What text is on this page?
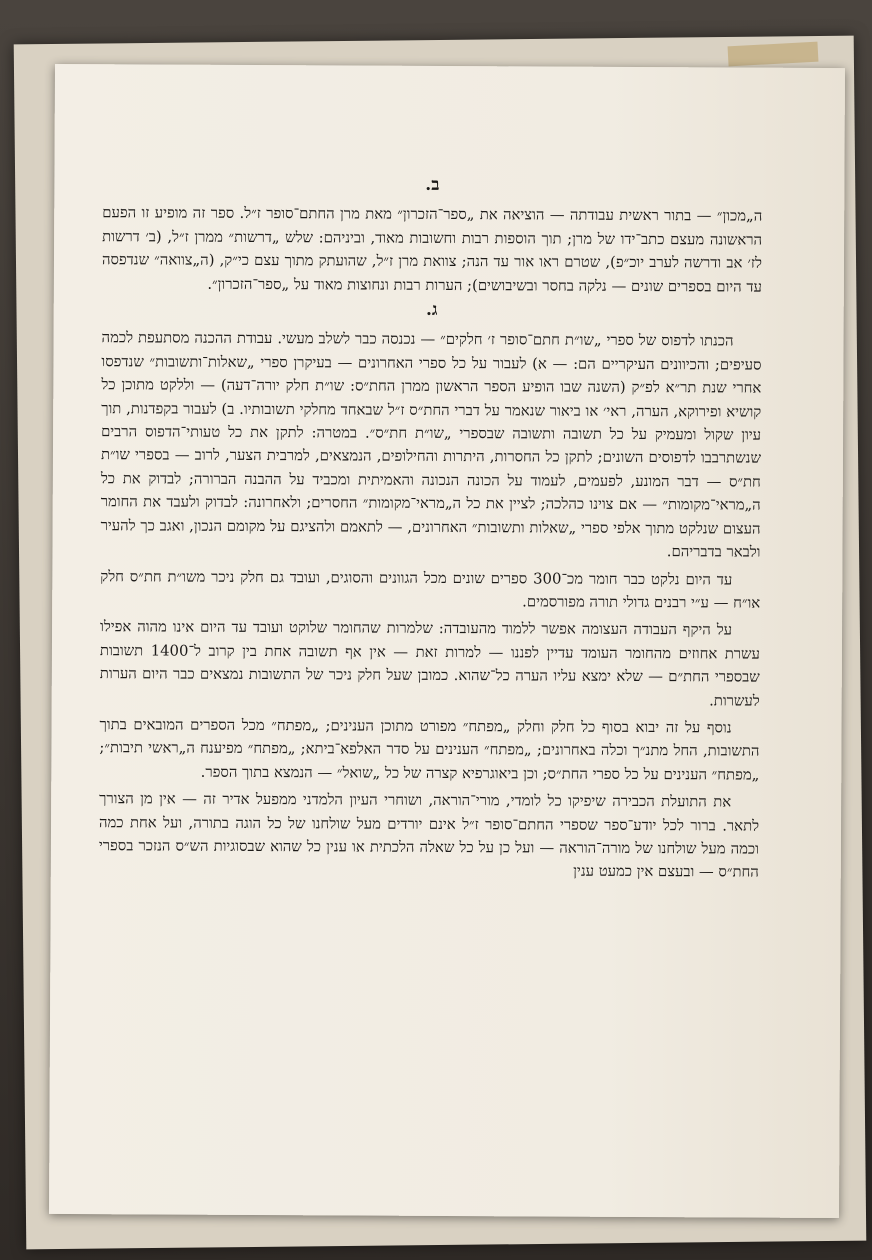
ב.

ה„מכון״ — בתור ראשית עבודתה — הוציאה את „ספר־הזכרון״ מאת מרן החתם־סופר ז״ל. ספר זה מופיע זו הפעם הראשונה מעצם כתב־ידו של מרן; תוך הוספות רבות וחשובות מאוד, וביניהם: שלש „דרשות״ ממרן ז״ל, (ב׳ דרשות לז׳ אב ודרשה לערב יוכ״פ), שטרם ראו אור עד הנה; צוואת מרן ז״ל, שהועתק מתוך עצם כי״ק, (ה„צוואה״ שנדפסה עד היום בספרים שונים — נלקה בחסר ובשיבושים); הערות רבות ונחוצות מאוד על „ספר־הזכרון״.

ג.

הכנתו לדפוס של ספרי „שו״ת חתם־סופר ז׳ חלקים״ — נכנסה כבר לשלב מעשי. עבודת ההכנה מסתעפת לכמה סעיפים; והכיוונים העיקריים הם: — א) לעבור על כל ספרי האחרונים — בעיקרן ספרי „שאלות־ותשובות״ שנדפסו אחרי שנת תר״א לפ״ק (השנה שבו הופיע הספר הראשון ממרן החת״ס: שו״ת חלק יורה־דעה) — וללקט מתוכן כל קושיא ופירוקא, הערה, ראי׳ או ביאור שנאמר על דברי החת״ס ז״ל שבאחד מחלקי תשובותיו. ב) לעבור בקפדנות, תוך עיון שקול ומעמיק על כל תשובה ותשובה שבספרי „שו״ת חת״ס״. במטרה: לתקן את כל טעותי־הדפוס הרבים שנשתרבבו לדפוסים השונים; לתקן כל החסרות, היתרות והחילופים, הנמצאים, למרבית הצער, לרוב — בספרי שו״ת חת״ס — דבר המונע, לפעמים, לעמוד על הכונה הנכונה והאמיתית ומכביד על ההבנה הברורה; לבדוק את כל ה„מראי־מקומות״ — אם צוינו כהלכה; לציין את כל ה„מראי־מקומות״ החסרים; ולאחרונה: לבדוק ולעבד את החומר העצום שנלקט מתוך אלפי ספרי „שאלות ותשובות״ האחרונים, — לתאמם ולהציגם על מקומם הנכון, ואגב כך להעיר ולבאר בדבריהם.

עד היום נלקט כבר חומר מכ־300 ספרים שונים מכל הגוונים והסוגים, ועובד גם חלק ניכר משו״ת חת״ס חלק או״ח — ע״י רבנים גדולי תורה מפורסמים.

על היקף העבודה העצומה אפשר ללמוד מהעובדה: שלמרות שהחומר שלוקט ועובד עד היום אינו מהוה אפילו עשרת אחוזים מהחומר העומד עדיין לפננו — למרות זאת — אין אף תשובה אחת בין קרוב ל־1400 תשובות שבספרי החת״ם — שלא ימצא עליו הערה כל־שהוא. כמובן שעל חלק ניכר של התשובות נמצאים כבר היום הערות לעשרות.

נוסף על זה יבוא בסוף כל חלק וחלק „מפתח״ מפורט מתוכן הענינים; „מפתח״ מכל הספרים המובאים בתוך התשובות, החל מתנ״ך וכלה באחרונים; „מפתח״ הענינים על סדר האלפא־ביתא; „מפתח״ מפיענח ה„ראשי תיבות״; „מפתח״ הענינים על כל ספרי החת״ס; וכן ביאוגרפיא קצרה של כל „שואל״ — הנמצא בתוך הספר.

את התועלת הכבירה שיפיקו כל לומדי, מורי־הוראה, ושוחרי העיון הלמדני ממפעל אדיר זה — אין מן הצורך לתאר. ברור לכל יודע־ספר שספרי החתם־סופר ז״ל אינם יורדים מעל שולחנו של כל הוגה בתורה, ועל אחת כמה וכמה מעל שולחנו של מורה־הוראה — ועל כן על כל שאלה הלכתית או ענין כל שהוא שבסוגיות הש״ס הנזכר בספרי החת״ס — ובעצם אין כמעט ענין
